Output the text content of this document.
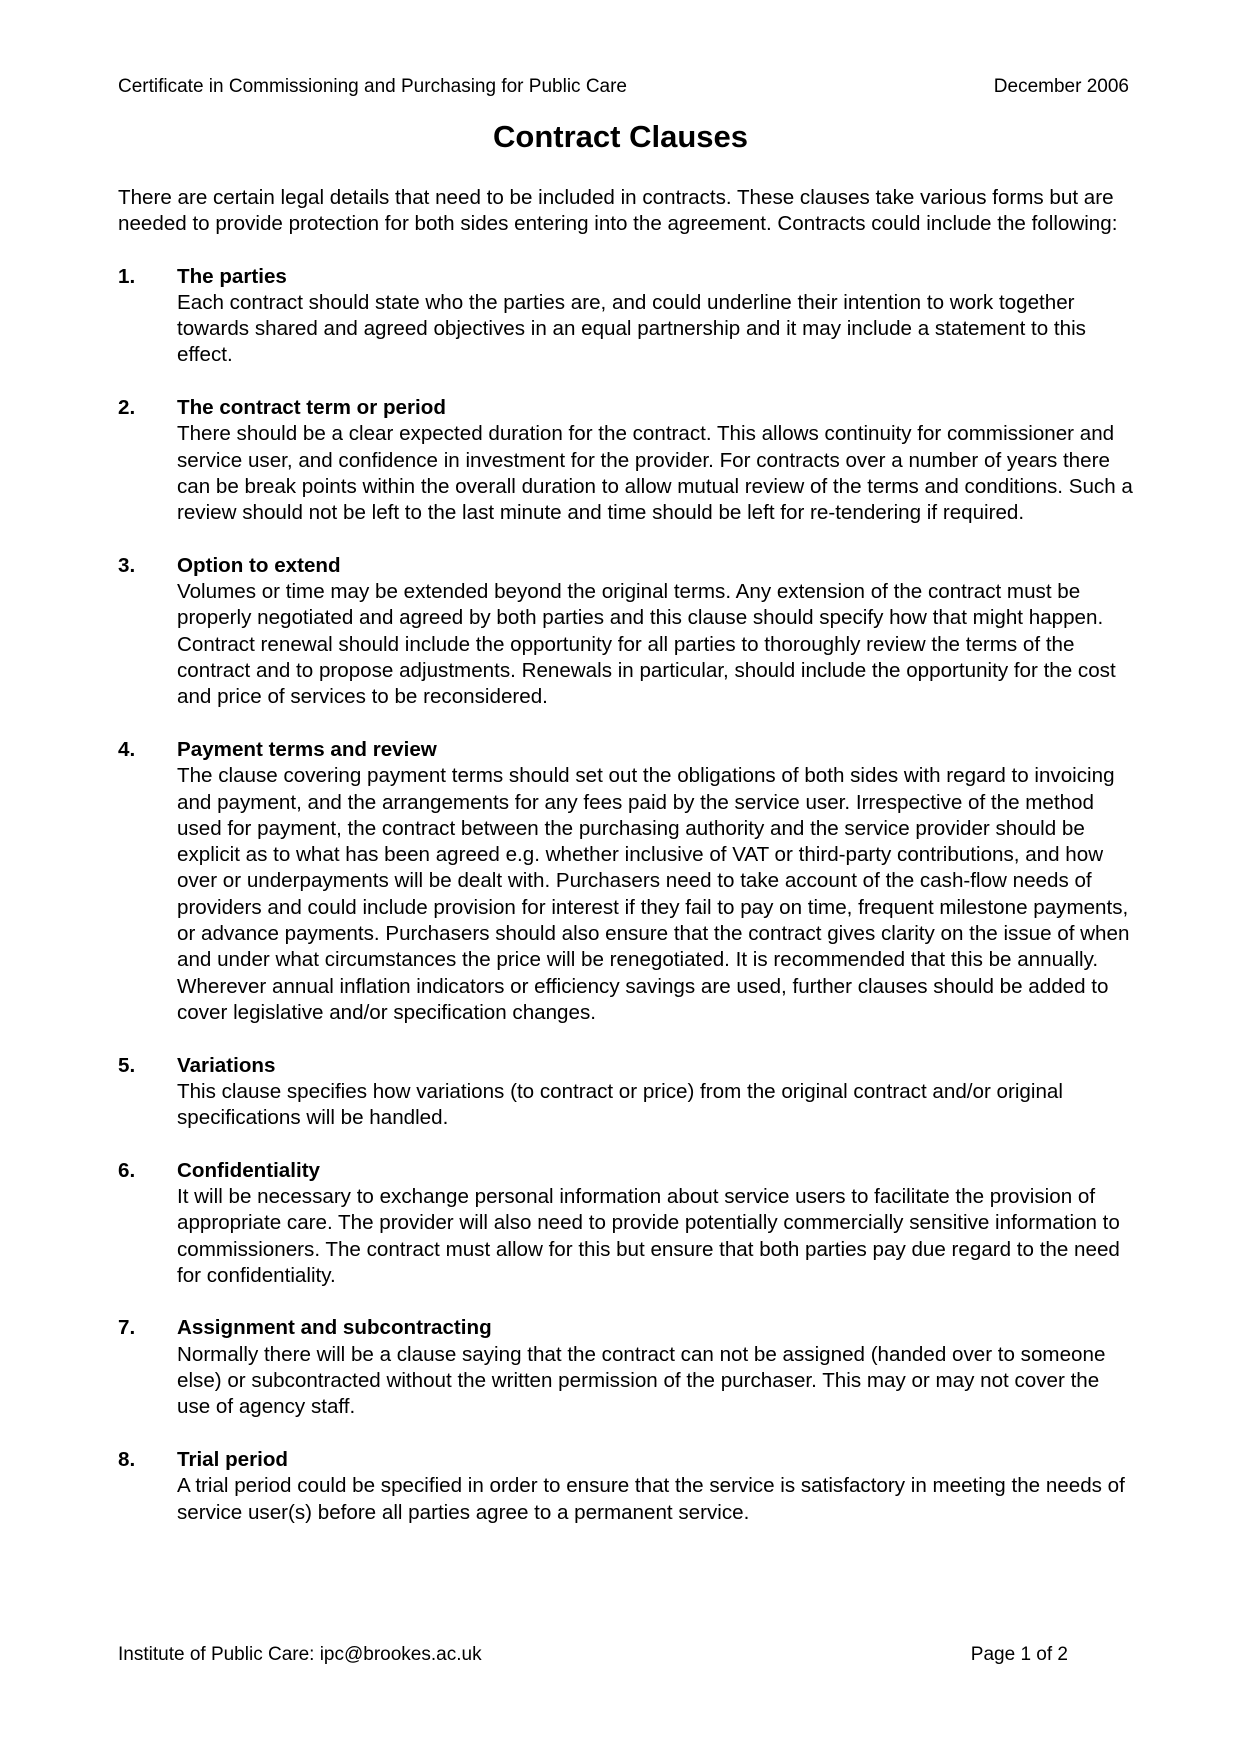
Certificate in Commissioning and Purchasing for Public Care	December 2006
Contract Clauses

There are certain legal details that need to be included in contracts. These clauses take various forms but are needed to provide protection for both sides entering into the agreement. Contracts could include the following:

1. The parties

Each contract should state who the parties are, and could underline their intention to work together towards shared and agreed objectives in an equal partnership and it may include a statement to this effect.

2. The contract term or period

There should be a clear expected duration for the contract. This allows continuity for commissioner and service user, and confidence in investment for the provider. For contracts over a number of years there can be break points within the overall duration to allow mutual review of the terms and conditions. Such a review should not be left to the last minute and time should be left for re-tendering if required.

3. Option to extend

Volumes or time may be extended beyond the original terms. Any extension of the contract must be properly negotiated and agreed by both parties and this clause should specify how that might happen. Contract renewal should include the opportunity for all parties to thoroughly review the terms of the contract and to propose adjustments. Renewals in particular, should include the opportunity for the cost and price of services to be reconsidered.

4. Payment terms and review

The clause covering payment terms should set out the obligations of both sides with regard to invoicing and payment, and the arrangements for any fees paid by the service user. Irrespective of the method used for payment, the contract between the purchasing authority and the service provider should be explicit as to what has been agreed e.g. whether inclusive of VAT or third-party contributions, and how over or underpayments will be dealt with. Purchasers need to take account of the cash-flow needs of providers and could include provision for interest if they fail to pay on time, frequent milestone payments, or advance payments. Purchasers should also ensure that the contract gives clarity on the issue of when and under what circumstances the price will be renegotiated. It is recommended that this be annually. Wherever annual inflation indicators or efficiency savings are used, further clauses should be added to cover legislative and/or specification changes.

5. Variations

This clause specifies how variations (to contract or price) from the original contract and/or original specifications will be handled.

6. Confidentiality

It will be necessary to exchange personal information about service users to facilitate the provision of appropriate care. The provider will also need to provide potentially commercially sensitive information to commissioners. The contract must allow for this but ensure that both parties pay due regard to the need for confidentiality.

7. Assignment and subcontracting

Normally there will be a clause saying that the contract can not be assigned (handed over to someone else) or subcontracted without the written permission of the purchaser. This may or may not cover the use of agency staff.

8. Trial period

A trial period could be specified in order to ensure that the service is satisfactory in meeting the needs of service user(s) before all parties agree to a permanent service.

Institute of Public Care: ipc@brookes.ac.uk	Page 1 of 2
